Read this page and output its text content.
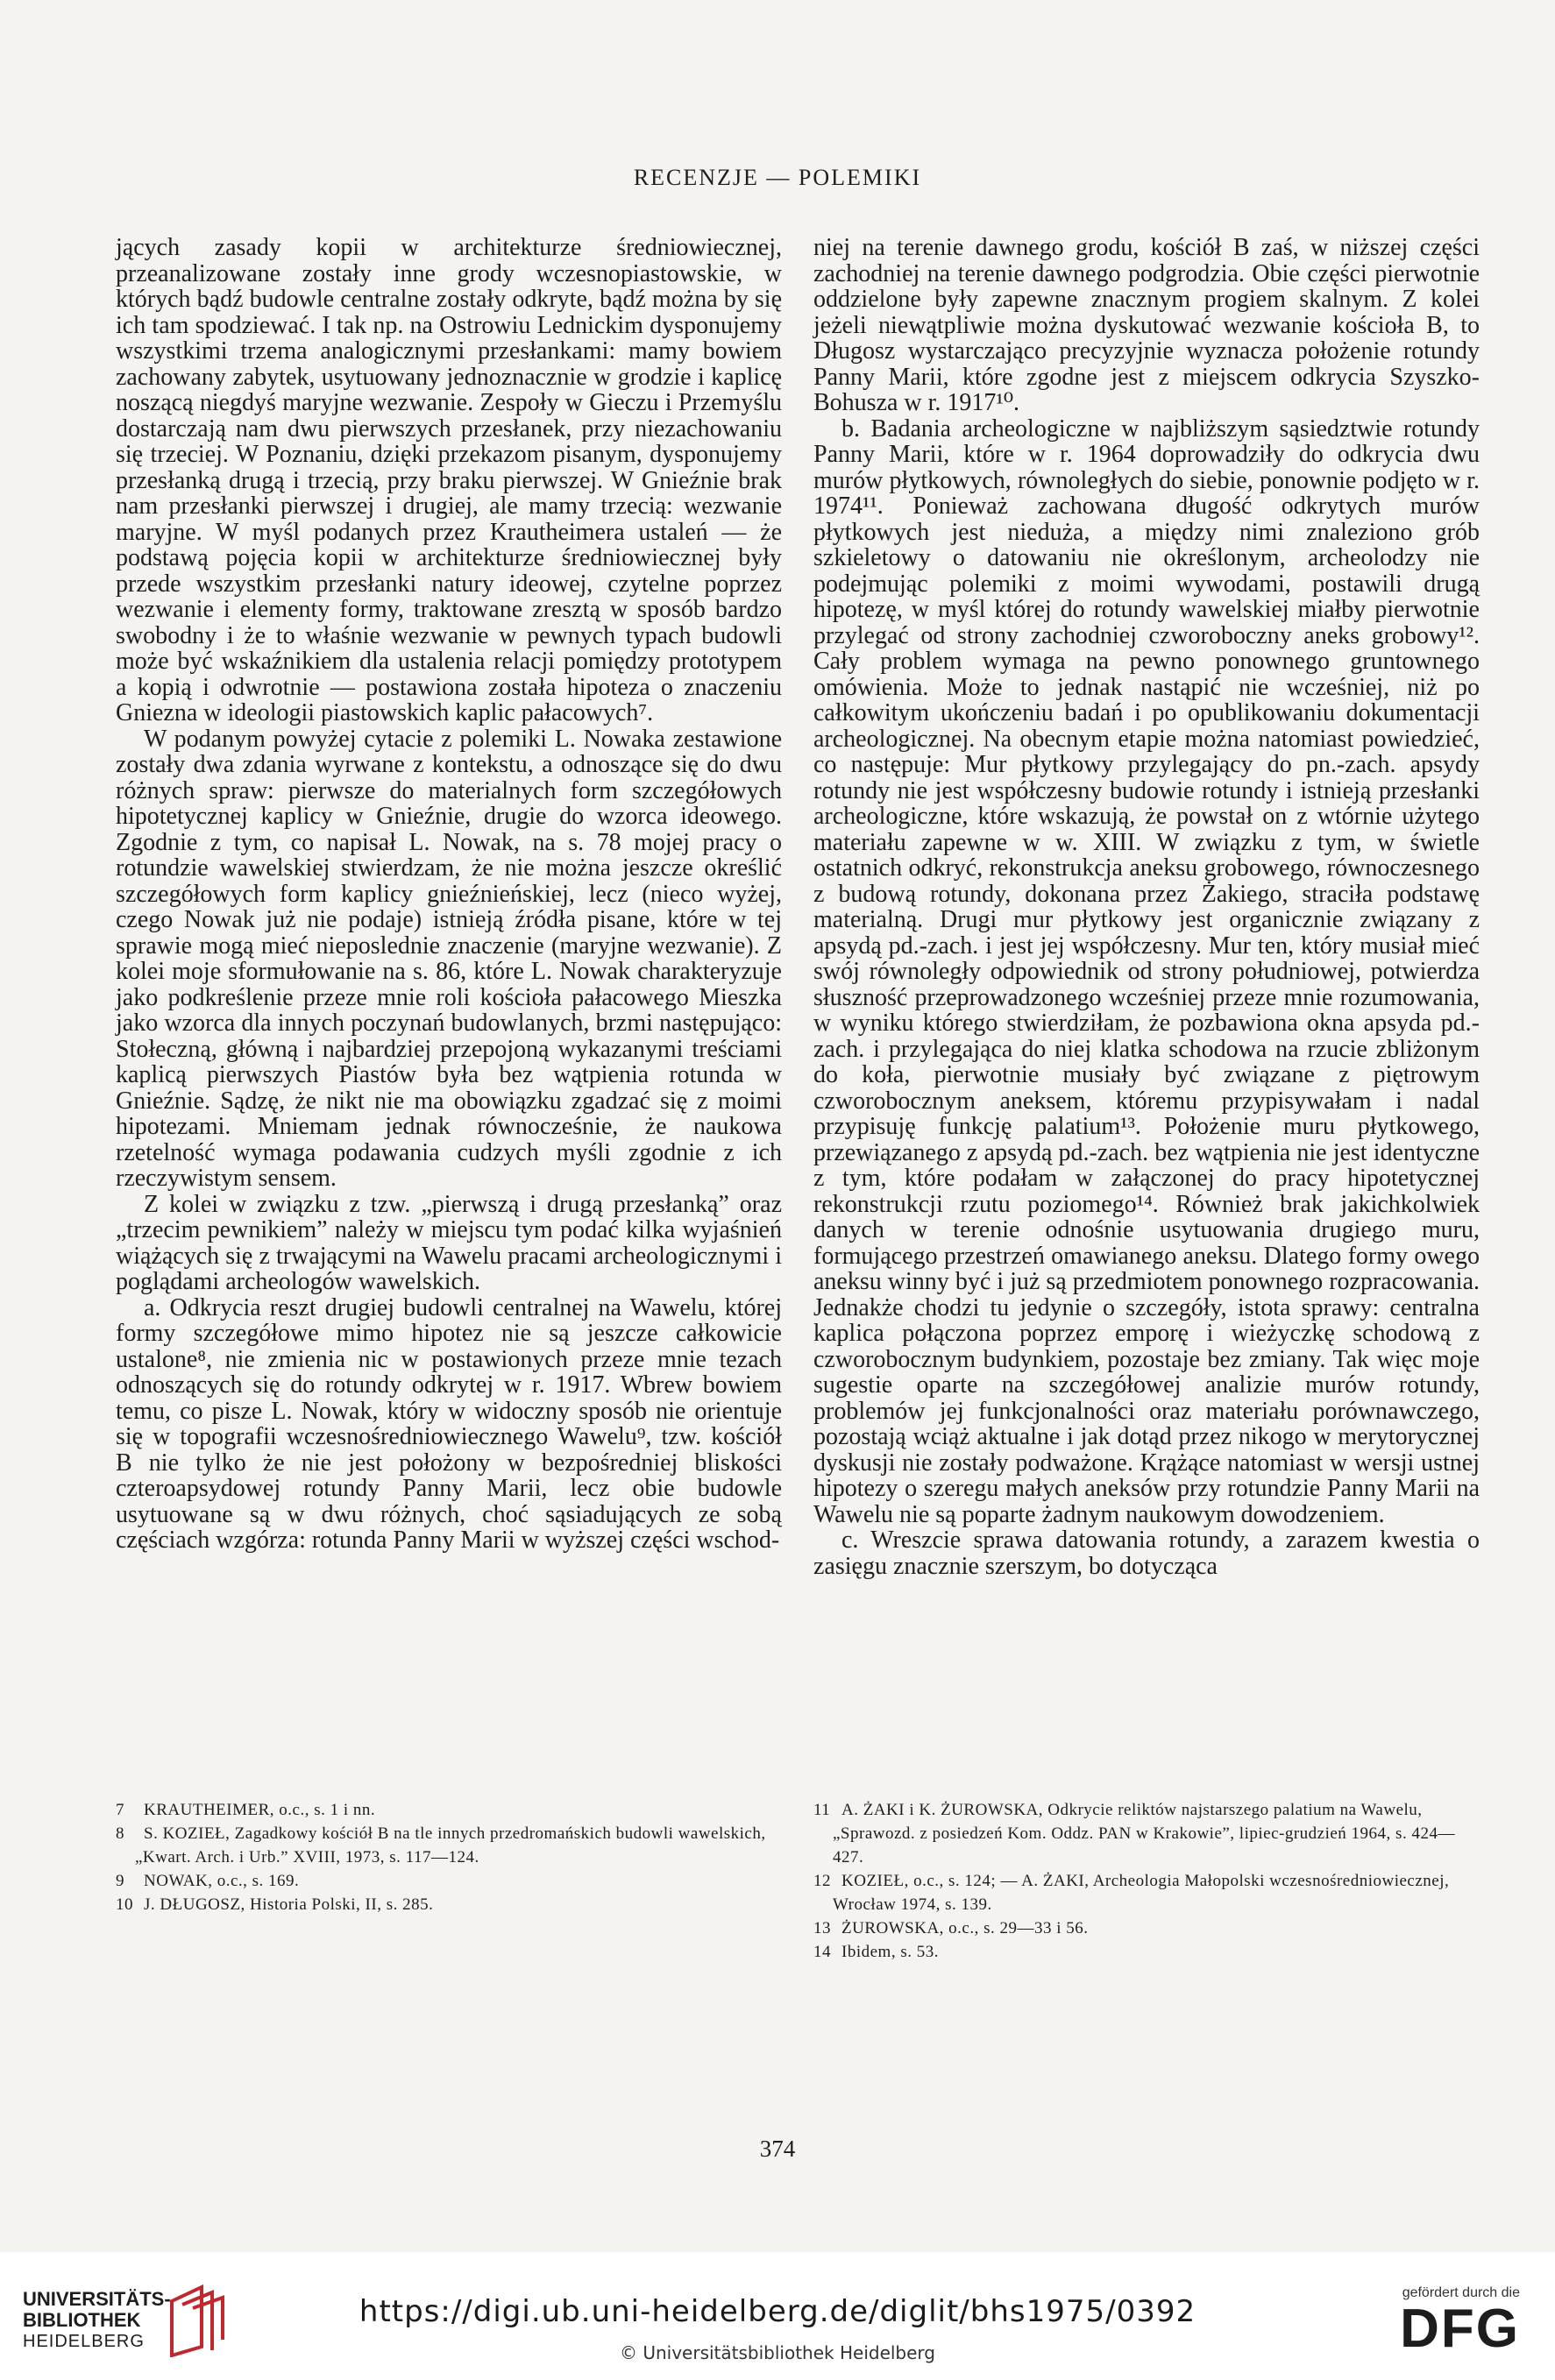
RECENZJE — POLEMIKI

jących zasady kopii w architekturze średniowiecznej, przeanalizowane zostały inne grody wczesnopiastowskie, w których bądź budowle centralne zostały odkryte, bądź można by się ich tam spodziewać. I tak np. na Ostrowiu Lednickim dysponujemy wszystkimi trzema analogicznymi przesłankami: mamy bowiem zachowany zabytek, usytuowany jednoznacznie w grodzie i kaplicę noszącą niegdyś maryjne wezwanie. Zespoły w Gieczu i Przemyślu dostarczają nam dwu pierwszych przesłanek, przy niezachowaniu się trzeciej. W Poznaniu, dzięki przekazom pisanym, dysponujemy przesłanką drugą i trzecią, przy braku pierwszej. W Gnieźnie brak nam przesłanki pierwszej i drugiej, ale mamy trzecią: wezwanie maryjne. W myśl podanych przez Krautheimera ustaleń — że podstawą pojęcia kopii w architekturze średniowiecznej były przede wszystkim przesłanki natury ideowej, czytelne poprzez wezwanie i elementy formy, traktowane zresztą w sposób bardzo swobodny i że to właśnie wezwanie w pewnych typach budowli może być wskaźnikiem dla ustalenia relacji pomiędzy prototypem a kopią i odwrotnie — postawiona została hipoteza o znaczeniu Gniezna w ideologii piastowskich kaplic pałacowych⁷.

W podanym powyżej cytacie z polemiki L. Nowaka zestawione zostały dwa zdania wyrwane z kontekstu, a odnoszące się do dwu różnych spraw: pierwsze do materialnych form szczegółowych hipotetycznej kaplicy w Gnieźnie, drugie do wzorca ideowego. Zgodnie z tym, co napisał L. Nowak, na s. 78 mojej pracy o rotundzie wawelskiej stwierdzam, że nie można jeszcze określić szczegółowych form kaplicy gnieźnieńskiej, lecz (nieco wyżej, czego Nowak już nie podaje) istnieją źródła pisane, które w tej sprawie mogą mieć nieposlednie znaczenie (maryjne wezwanie). Z kolei moje sformułowanie na s. 86, które L. Nowak charakteryzuje jako podkreślenie przeze mnie roli kościoła pałacowego Mieszka jako wzorca dla innych poczynań budowlanych, brzmi następująco: Stołeczną, główną i najbardziej przepojoną wykazanymi treściami kaplicą pierwszych Piastów była bez wątpienia rotunda w Gnieźnie. Sądzę, że nikt nie ma obowiązku zgadzać się z moimi hipotezami. Mniemam jednak równocześnie, że naukowa rzetelność wymaga podawania cudzych myśli zgodnie z ich rzeczywistym sensem.

Z kolei w związku z tzw. „pierwszą i drugą przesłanką” oraz „trzecim pewnikiem” należy w miejscu tym podać kilka wyjaśnień wiążących się z trwającymi na Wawelu pracami archeologicznymi i poglądami archeologów wawelskich.

a. Odkrycia reszt drugiej budowli centralnej na Wawelu, której formy szczegółowe mimo hipotez nie są jeszcze całkowicie ustalone⁸, nie zmienia nic w postawionych przeze mnie tezach odnoszących się do rotundy odkrytej w r. 1917. Wbrew bowiem temu, co pisze L. Nowak, który w widoczny sposób nie orientuje się w topografii wczesnośredniowiecznego Wawelu⁹, tzw. kościół B nie tylko że nie jest położony w bezpośredniej bliskości czteroapsydowej rotundy Panny Marii, lecz obie budowle usytuowane są w dwu różnych, choć sąsiadujących ze sobą częściach wzgórza: rotunda Panny Marii w wyższej części wschod-

niej na terenie dawnego grodu, kościół B zaś, w niższej części zachodniej na terenie dawnego podgrodzia. Obie części pierwotnie oddzielone były zapewne znacznym progiem skalnym. Z kolei jeżeli niewątpliwie można dyskutować wezwanie kościoła B, to Długosz wystarczająco precyzyjnie wyznacza położenie rotundy Panny Marii, które zgodne jest z miejscem odkrycia Szyszko-Bohusza w r. 1917¹⁰.

b. Badania archeologiczne w najbliższym sąsiedztwie rotundy Panny Marii, które w r. 1964 doprowadziły do odkrycia dwu murów płytkowych, równoległych do siebie, ponownie podjęto w r. 1974¹¹. Ponieważ zachowana długość odkrytych murów płytkowych jest nieduża, a między nimi znaleziono grób szkieletowy o datowaniu nie określonym, archeolodzy nie podejmując polemiki z moimi wywodami, postawili drugą hipotezę, w myśl której do rotundy wawelskiej miałby pierwotnie przylegać od strony zachodniej czworoboczny aneks grobowy¹². Cały problem wymaga na pewno ponownego gruntownego omówienia. Może to jednak nastąpić nie wcześniej, niż po całkowitym ukończeniu badań i po opublikowaniu dokumentacji archeologicznej. Na obecnym etapie można natomiast powiedzieć, co następuje: Mur płytkowy przylegający do pn.-zach. apsydy rotundy nie jest współczesny budowie rotundy i istnieją przesłanki archeologiczne, które wskazują, że powstał on z wtórnie użytego materiału zapewne w w. XIII. W związku z tym, w świetle ostatnich odkryć, rekonstrukcja aneksu grobowego, równoczesnego z budową rotundy, dokonana przez Żakiego, straciła podstawę materialną. Drugi mur płytkowy jest organicznie związany z apsydą pd.-zach. i jest jej współczesny. Mur ten, który musiał mieć swój równoległy odpowiednik od strony południowej, potwierdza słuszność przeprowadzonego wcześniej przeze mnie rozumowania, w wyniku którego stwierdziłam, że pozbawiona okna apsyda pd.-zach. i przylegająca do niej klatka schodowa na rzucie zbliżonym do koła, pierwotnie musiały być związane z piętrowym czworobocznym aneksem, któremu przypisywałam i nadal przypisuję funkcję palatium¹³. Położenie muru płytkowego, przewiązanego z apsydą pd.-zach. bez wątpienia nie jest identyczne z tym, które podałam w załączonej do pracy hipotetycznej rekonstrukcji rzutu poziomego¹⁴. Również brak jakichkolwiek danych w terenie odnośnie usytuowania drugiego muru, formującego przestrzeń omawianego aneksu. Dlatego formy owego aneksu winny być i już są przedmiotem ponownego rozpracowania. Jednakże chodzi tu jedynie o szczegóły, istota sprawy: centralna kaplica połączona poprzez emporę i wieżyczkę schodową z czworobocznym budynkiem, pozostaje bez zmiany. Tak więc moje sugestie oparte na szczegółowej analizie murów rotundy, problemów jej funkcjonalności oraz materiału porównawczego, pozostają wciąż aktualne i jak dotąd przez nikogo w merytorycznej dyskusji nie zostały podważone. Krążące natomiast w wersji ustnej hipotezy o szeregu małych aneksów przy rotundzie Panny Marii na Wawelu nie są poparte żadnym naukowym dowodzeniem.

c. Wreszcie sprawa datowania rotundy, a zarazem kwestia o zasięgu znacznie szerszym, bo dotycząca

7 KRAUTHEIMER, o.c., s. 1 i nn.

8 S. KOZIEŁ, Zagadkowy kościół B na tle innych przedromańskich budowli wawelskich, „Kwart. Arch. i Urb.” XVIII, 1973, s. 117—124.

9 NOWAK, o.c., s. 169.

10 J. DŁUGOSZ, Historia Polski, II, s. 285.

11 A. ŻAKI i K. ŻUROWSKA, Odkrycie reliktów najstarszego palatium na Wawelu, „Sprawozd. z posiedzeń Kom. Oddz. PAN w Krakowie”, lipiec-grudzień 1964, s. 424—427.

12 KOZIEŁ, o.c., s. 124; — A. ŻAKI, Archeologia Małopolski wczesnośredniowiecznej, Wrocław 1974, s. 139.

13 ŻUROWSKA, o.c., s. 29—33 i 56.

14 Ibidem, s. 53.

374
UNIVERSITÄTS-
BIBLIOTHEK
HEIDELBERG
https://digi.ub.uni-heidelberg.de/diglit/bhs1975/0392
© Universitätsbibliothek Heidelberg
gefördert durch die
DFG
